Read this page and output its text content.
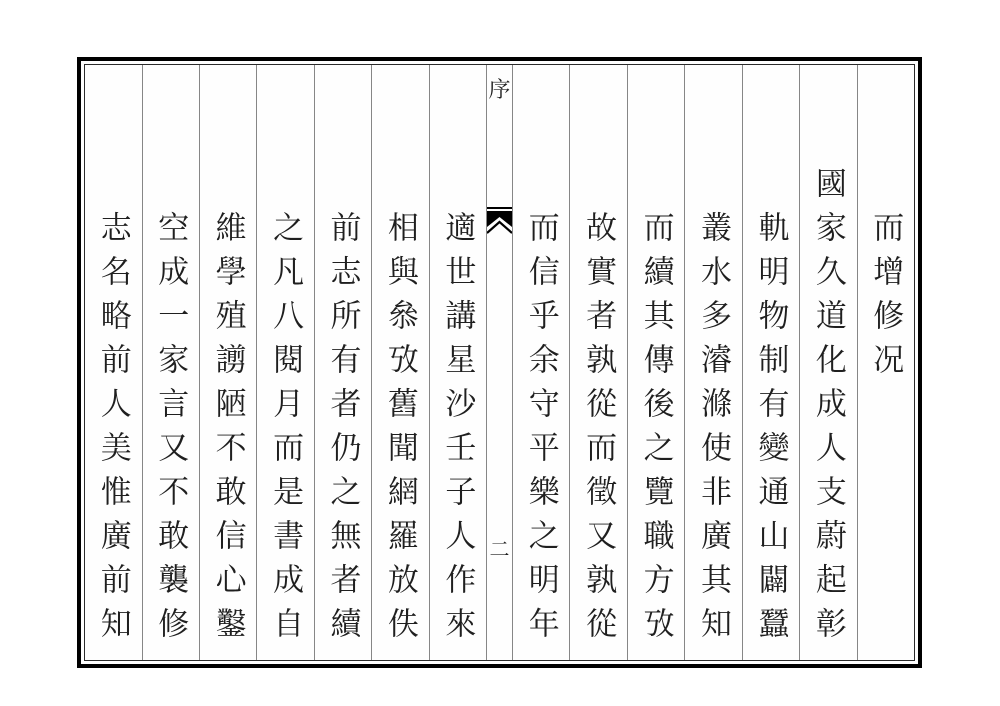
而增修况
國家久道化成人支蔚起彰
軌明物制有變通山闢蠶
叢水多濬滌使非廣其知
而續其傳後之覽職方攷
故實者孰從而徵又孰從
而信乎余守平樂之明年
序
二
適世講星沙壬子人作來
相與叅攷舊聞網羅放佚
前志所有者仍之無者續
之凡八閱月而是書成自
維學殖謭陋不敢信心鑿
空成一家言又不敢襲修
志名略前人美惟廣前知
